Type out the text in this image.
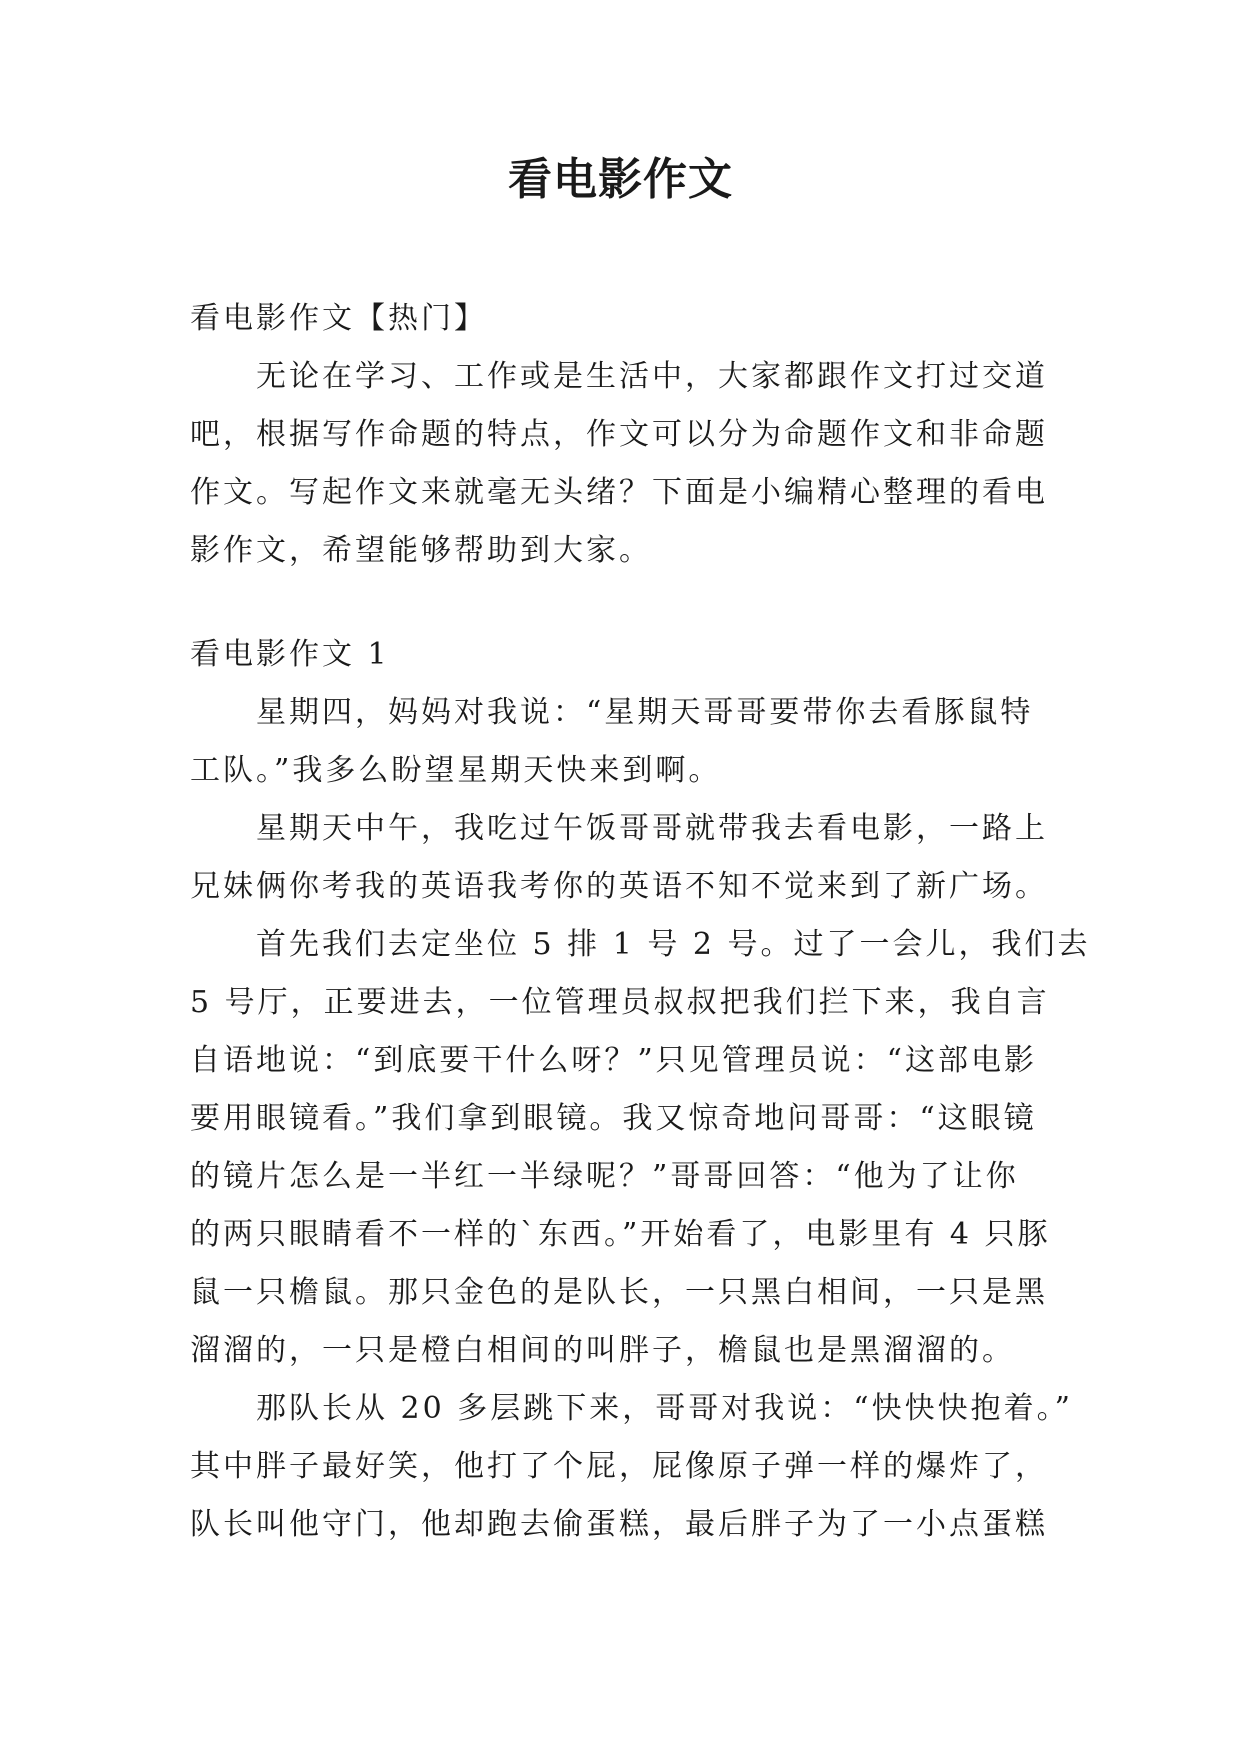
看电影作文

看电影作文【热门】

无论在学习、工作或是生活中，大家都跟作文打过交道

吧，根据写作命题的特点，作文可以分为命题作文和非命题

作文。写起作文来就毫无头绪？下面是小编精心整理的看电

影作文，希望能够帮助到大家。

看电影作文 1

星期四，妈妈对我说：“星期天哥哥要带你去看豚鼠特

工队。”我多么盼望星期天快来到啊。

星期天中午，我吃过午饭哥哥就带我去看电影，一路上

兄妹俩你考我的英语我考你的英语不知不觉来到了新广场。

首先我们去定坐位 5 排 1 号 2 号。过了一会儿，我们去

5 号厅，正要进去，一位管理员叔叔把我们拦下来，我自言

自语地说：“到底要干什么呀？”只见管理员说：“这部电影

要用眼镜看。”我们拿到眼镜。我又惊奇地问哥哥：“这眼镜

的镜片怎么是一半红一半绿呢？”哥哥回答：“他为了让你

的两只眼睛看不一样的`东西。”开始看了，电影里有 4 只豚

鼠一只檐鼠。那只金色的是队长，一只黑白相间，一只是黑

溜溜的，一只是橙白相间的叫胖子，檐鼠也是黑溜溜的。

那队长从 20 多层跳下来，哥哥对我说：“快快快抱着。”

其中胖子最好笑，他打了个屁，屁像原子弹一样的爆炸了，

队长叫他守门，他却跑去偷蛋糕，最后胖子为了一小点蛋糕
